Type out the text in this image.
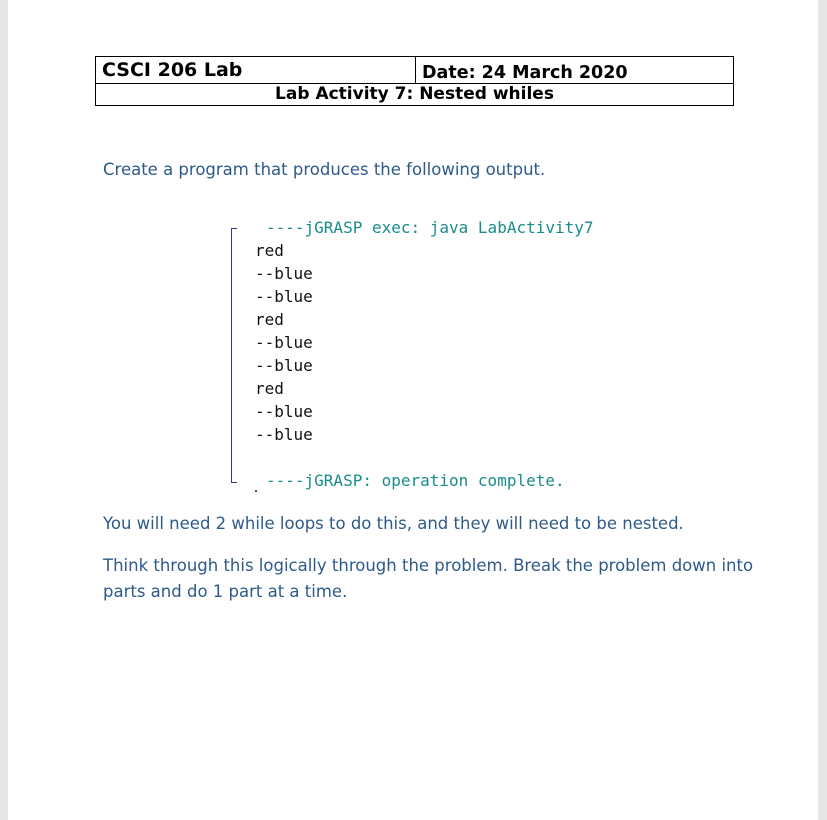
CSCI 206 Lab	Date: 24 March 2020
Lab Activity 7: Nested whiles

Create a program that produces the following output.

----jGRASP exec: java LabActivity7

red

--blue

--blue

red

--blue

--blue

red

--blue

--blue

----jGRASP: operation complete.

You will need 2 while loops to do this, and they will need to be nested.

Think through this logically through the problem. Break the problem down into
parts and do 1 part at a time.
